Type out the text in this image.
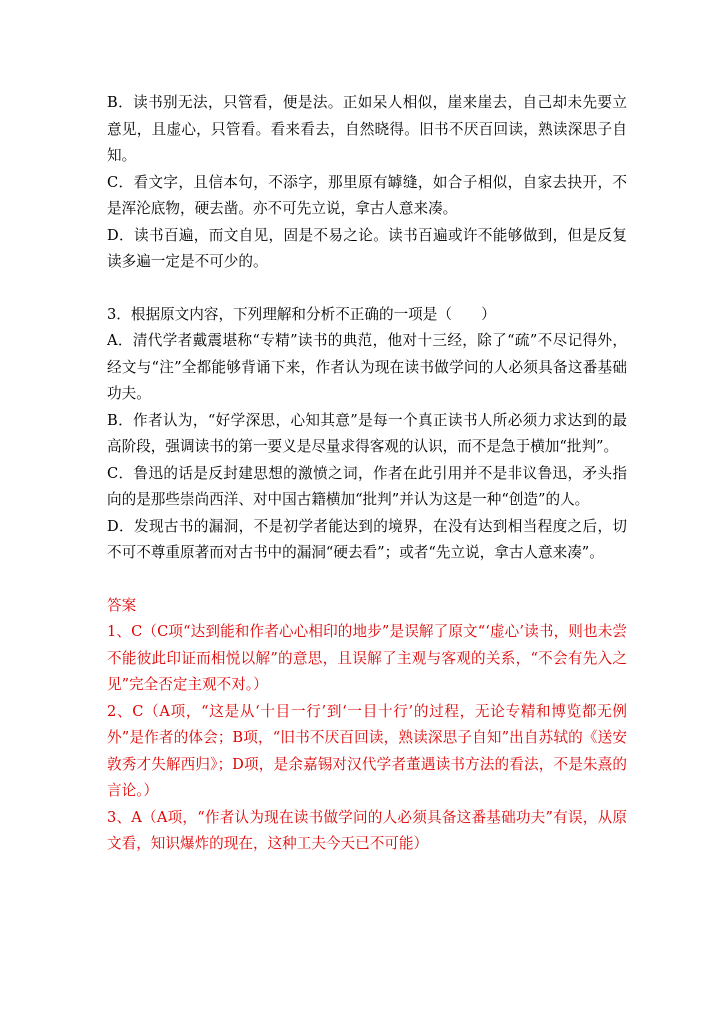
B．读书别无法，只管看，便是法。正如呆人相似，崖来崖去，自己却未先要立意见，且虚心，只管看。看来看去，自然晓得。旧书不厌百回读，熟读深思子自知。

C．看文字，且信本句，不添字，那里原有罅缝，如合子相似，自家去抉开，不是浑沦底物，硬去凿。亦不可先立说，拿古人意来凑。

D．读书百遍，而文自见，固是不易之论。读书百遍或许不能够做到，但是反复读多遍一定是不可少的。

3．根据原文内容，下列理解和分析不正确的一项是（　　）

A．清代学者戴震堪称“专精”读书的典范，他对十三经，除了“疏”不尽记得外，经文与“注”全都能够背诵下来，作者认为现在读书做学问的人必须具备这番基础功夫。

B．作者认为，“好学深思，心知其意”是每一个真正读书人所必须力求达到的最高阶段，强调读书的第一要义是尽量求得客观的认识，而不是急于横加“批判”。

C．鲁迅的话是反封建思想的激愤之词，作者在此引用并不是非议鲁迅，矛头指向的是那些崇尚西洋、对中国古籍横加“批判”并认为这是一种“创造”的人。

D．发现古书的漏洞，不是初学者能达到的境界，在没有达到相当程度之后，切不可不尊重原著而对古书中的漏洞“硬去看”；或者“先立说，拿古人意来凑”。

答案

1、C（C项“达到能和作者心心相印的地步”是误解了原文“‘虚心’读书，则也未尝不能彼此印证而相悦以解”的意思，且误解了主观与客观的关系，“不会有先入之见”完全否定主观不对。）

2、C（A项，“这是从‘十目一行’到‘一目十行’的过程，无论专精和博览都无例外”是作者的体会；B项，“旧书不厌百回读，熟读深思子自知”出自苏轼的《送安敦秀才失解西归》；D项，是余嘉锡对汉代学者董遇读书方法的看法，不是朱熹的言论。）

3、A（A项，“作者认为现在读书做学问的人必须具备这番基础功夫”有误，从原文看，知识爆炸的现在，这种工夫今天已不可能）
